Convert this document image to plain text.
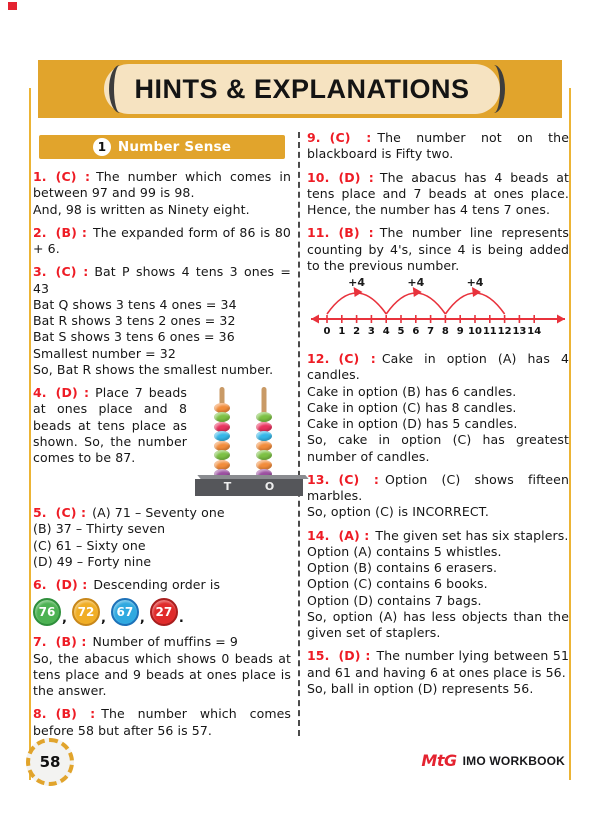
HINTS & EXPLANATIONS
1 Number Sense

1. (C) : The number which comes in between 97 and 99 is 98.

And, 98 is written as Ninety eight.

2. (B) : The expanded form of 86 is 80 + 6.

3. (C) : Bat P shows 4 tens 3 ones = 43

Bat Q shows 3 tens 4 ones = 34

Bat R shows 3 tens 2 ones = 32

Bat S shows 3 tens 6 ones = 36

Smallest number = 32

So, Bat R shows the smallest number.

T	O
4. (D) : Place 7 beads at ones place and 8 beads at tens place as shown. So, the number comes to be 87.

5. (C) : (A) 71 – Seventy one

(B) 37 – Thirty seven

(C) 61 – Sixty one

(D) 49 – Forty nine

6. (D) : Descending order is

76 , 72 , 67 , 27 .

7. (B) : Number of muffins = 9

So, the abacus which shows 0 beads at tens place and 9 beads at ones place is the answer.

8. (B) : The number which comes before 58 but after 56 is 57.

9. (C) : The number not on the blackboard is Fifty two.

10. (D) : The abacus has 4 beads at tens place and 7 beads at ones place. Hence, the number has 4 tens 7 ones.

11. (B) : The number line represents counting by 4's, since 4 is being added to the previous number.

0 1 2 3 4 5 6 7 8 9 10 11 12 13 14
+4	+4	+4

12. (C) : Cake in option (A) has 4 candles.

Cake in option (B) has 6 candles.

Cake in option (C) has 8 candles.

Cake in option (D) has 5 candles.

So, cake in option (C) has greatest number of candles.

13. (C) : Option (C) shows fifteen marbles.

So, option (C) is INCORRECT.

14. (A) : The given set has six staplers.

Option (A) contains 5 whistles.

Option (B) contains 6 erasers.

Option (C) contains 6 books.

Option (D) contains 7 bags.

So, option (A) has less objects than the given set of staplers.

15. (D) : The number lying between 51 and 61 and having 6 at ones place is 56.

So, ball in option (D) represents 56.

58	MtG IMO WORKBOOK
